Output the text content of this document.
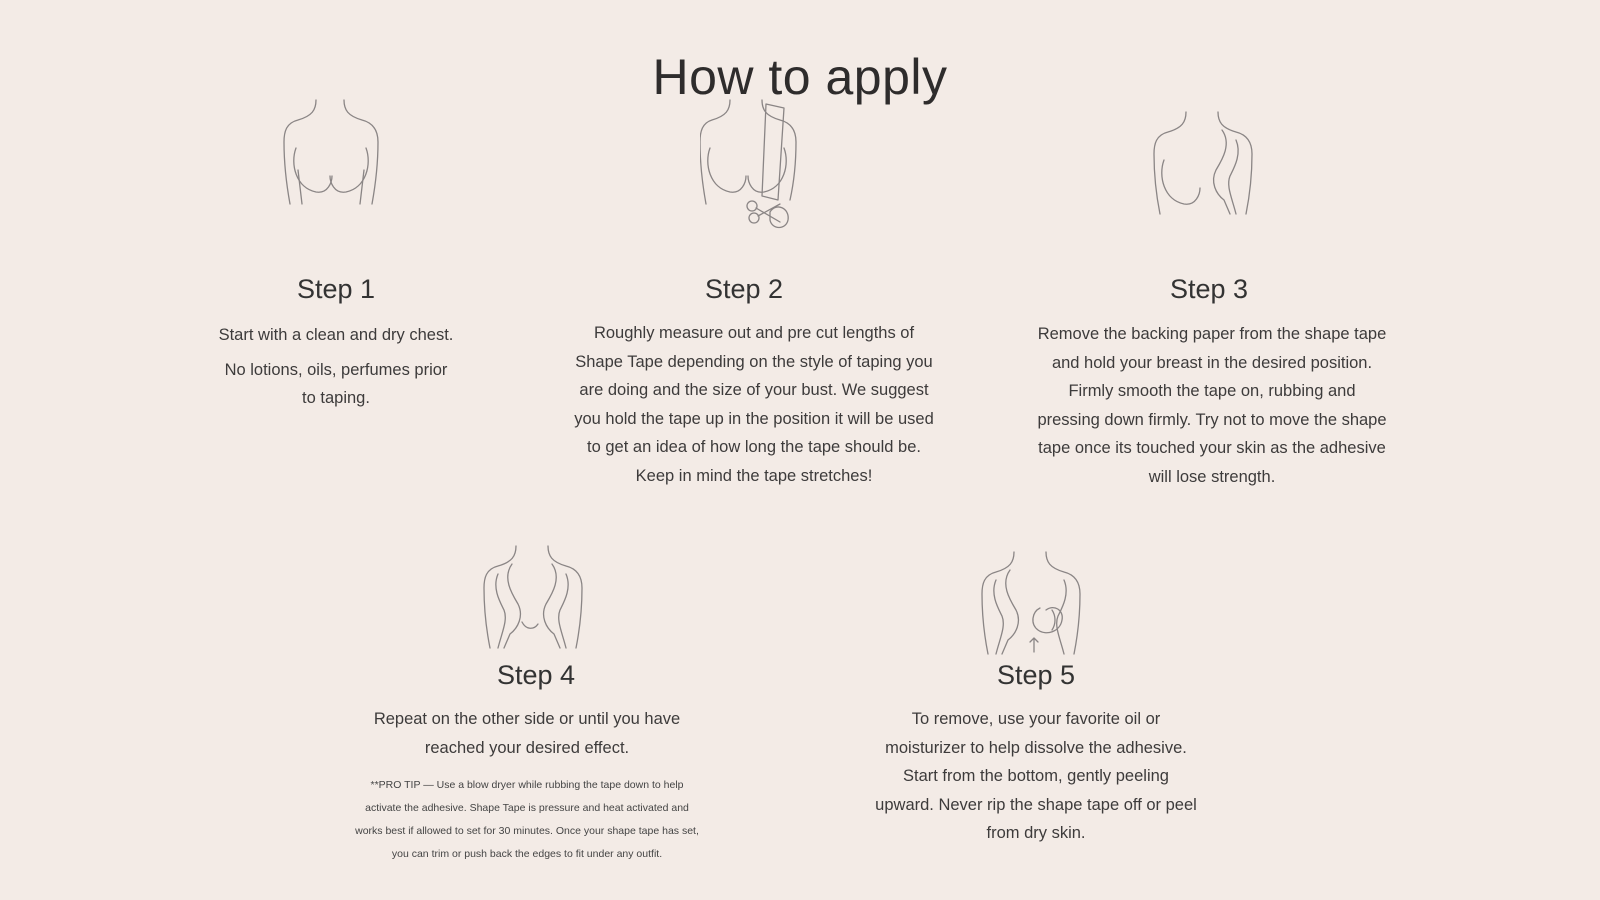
How to apply
Step 1

Start with a clean and dry chest.

No lotions, oils, perfumes prior to taping.

Step 2

Roughly measure out and pre cut lengths of Shape Tape depending on the style of taping you are doing and the size of your bust. We suggest you hold the tape up in the position it will be used to get an idea of how long the tape should be. Keep in mind the tape stretches!

Step 3

Remove the backing paper from the shape tape and hold your breast in the desired position. Firmly smooth the tape on, rubbing and pressing down firmly. Try not to move the shape tape once its touched your skin as the adhesive will lose strength.

Step 4

Repeat on the other side or until you have reached your desired effect.

**PRO TIP — Use a blow dryer while rubbing the tape down to help activate the adhesive. Shape Tape is pressure and heat activated and works best if allowed to set for 30 minutes. Once your shape tape has set, you can trim or push back the edges to fit under any outfit.

Step 5

To remove, use your favorite oil or moisturizer to help dissolve the adhesive. Start from the bottom, gently peeling upward. Never rip the shape tape off or peel from dry skin.
